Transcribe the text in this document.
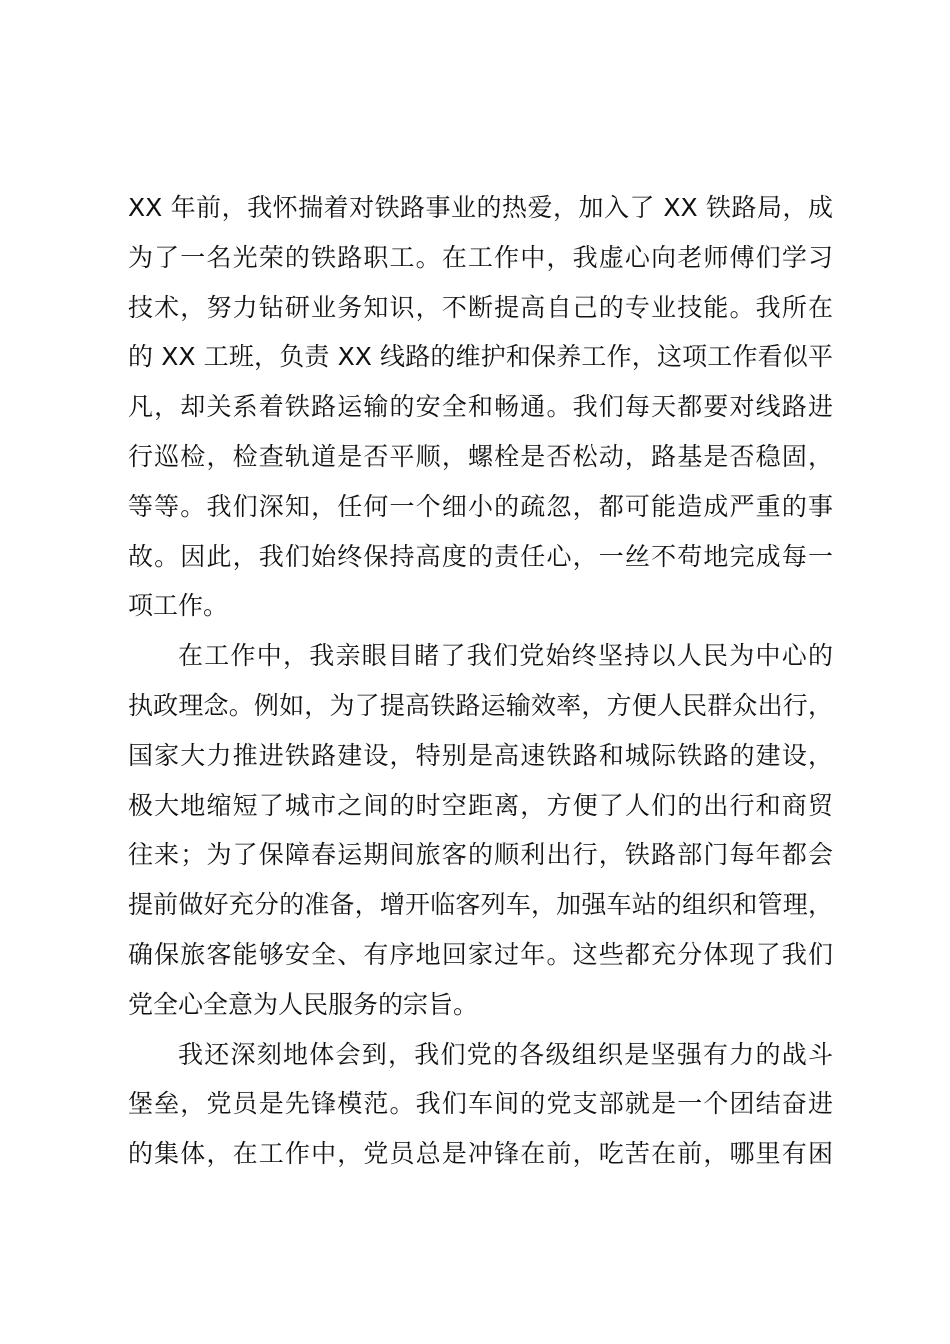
XX 年前，我怀揣着对铁路事业的热爱，加入了 XX 铁路局，成
为了一名光荣的铁路职工。在工作中，我虚心向老师傅们学习
技术，努力钻研业务知识，不断提高自己的专业技能。我所在
的 XX 工班，负责 XX 线路的维护和保养工作，这项工作看似平
凡，却关系着铁路运输的安全和畅通。我们每天都要对线路进
行巡检，检查轨道是否平顺，螺栓是否松动，路基是否稳固，
等等。我们深知，任何一个细小的疏忽，都可能造成严重的事
故。因此，我们始终保持高度的责任心，一丝不苟地完成每一
项工作。
在工作中，我亲眼目睹了我们党始终坚持以人民为中心的
执政理念。例如，为了提高铁路运输效率，方便人民群众出行，
国家大力推进铁路建设，特别是高速铁路和城际铁路的建设，
极大地缩短了城市之间的时空距离，方便了人们的出行和商贸
往来；为了保障春运期间旅客的顺利出行，铁路部门每年都会
提前做好充分的准备，增开临客列车，加强车站的组织和管理，
确保旅客能够安全、有序地回家过年。这些都充分体现了我们
党全心全意为人民服务的宗旨。
我还深刻地体会到，我们党的各级组织是坚强有力的战斗
堡垒，党员是先锋模范。我们车间的党支部就是一个团结奋进
的集体，在工作中，党员总是冲锋在前，吃苦在前，哪里有困
